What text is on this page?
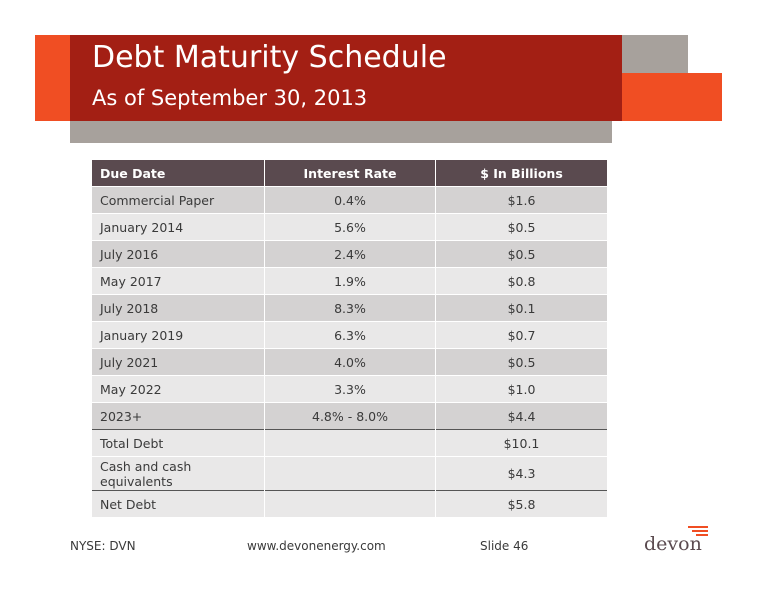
Debt Maturity Schedule
As of September 30, 2013
Due Date	Interest Rate	$ In Billions
Commercial Paper	0.4%	$1.6
January 2014	5.6%	$0.5
July 2016	2.4%	$0.5
May 2017	1.9%	$0.8
July 2018	8.3%	$0.1
January 2019	6.3%	$0.7
July 2021	4.0%	$0.5
May 2022	3.3%	$1.0
2023+	4.8% - 8.0%	$4.4
Total Debt		$10.1
Cash and cash equivalents		$4.3
Net Debt		$5.8
NYSE: DVN	www.devonenergy.com	Slide 46	devon
